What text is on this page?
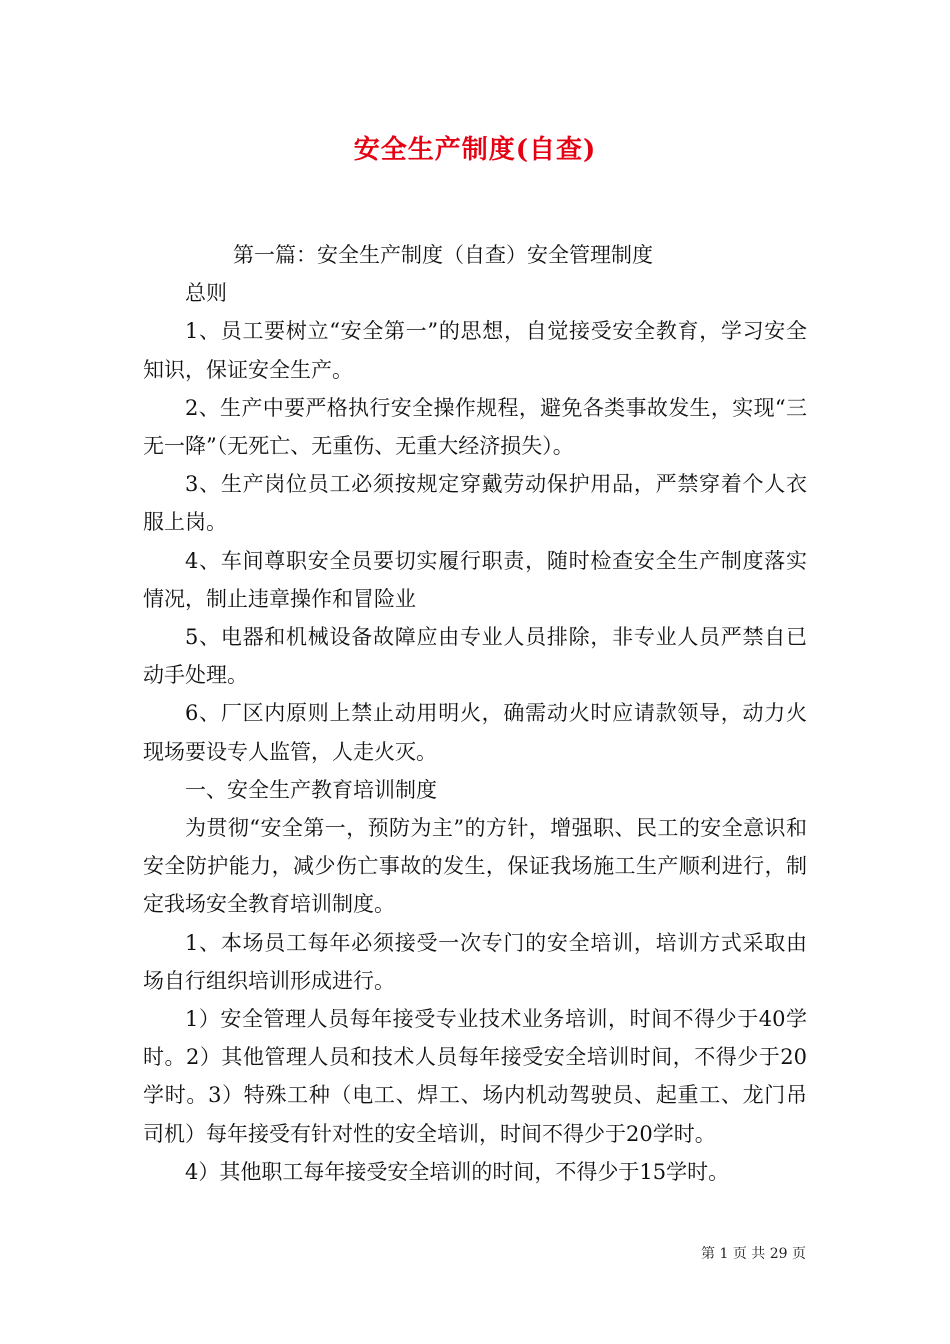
安全生产制度(自查)

第一篇：安全生产制度（自查）安全管理制度

总则

1、员工要树立“安全第一”的思想，自觉接受安全教育，学习安全知识，保证安全生产。

2、生产中要严格执行安全操作规程，避免各类事故发生，实现“三无一降”（无死亡、无重伤、无重大经济损失）。

3、生产岗位员工必须按规定穿戴劳动保护用品，严禁穿着个人衣服上岗。

4、车间尊职安全员要切实履行职责，随时检查安全生产制度落实情况，制止违章操作和冒险业

5、电器和机械设备故障应由专业人员排除，非专业人员严禁自已动手处理。

6、厂区内原则上禁止动用明火，确需动火时应请款领导，动力火现场要设专人监管，人走火灭。

一、安全生产教育培训制度

为贯彻“安全第一，预防为主”的方针，增强职、民工的安全意识和安全防护能力，减少伤亡事故的发生，保证我场施工生产顺利进行，制定我场安全教育培训制度。

1、本场员工每年必须接受一次专门的安全培训，培训方式采取由场自行组织培训形成进行。

1）安全管理人员每年接受专业技术业务培训，时间不得少于40学时。2）其他管理人员和技术人员每年接受安全培训时间，不得少于20学时。3）特殊工种（电工、焊工、场内机动驾驶员、起重工、龙门吊司机）每年接受有针对性的安全培训，时间不得少于20学时。

4）其他职工每年接受安全培训的时间，不得少于15学时。

第 1 页 共 29 页
